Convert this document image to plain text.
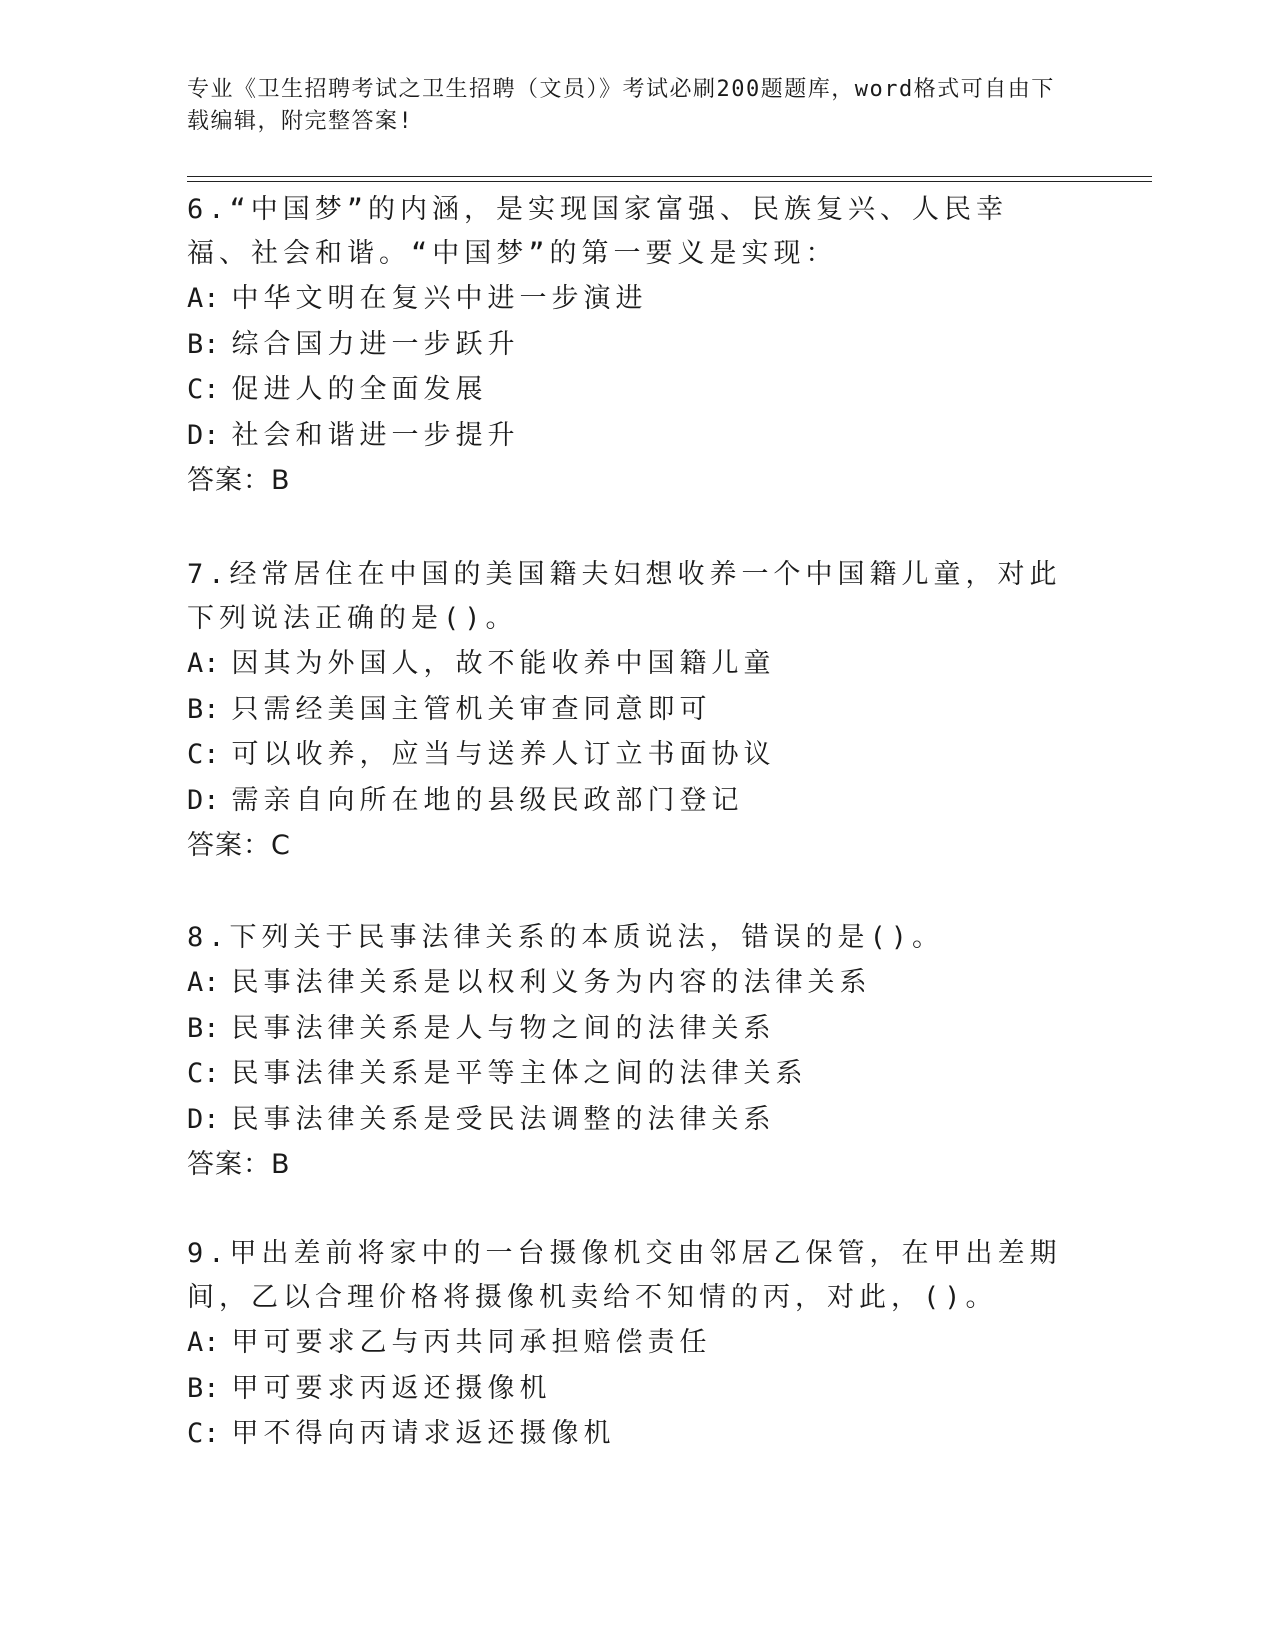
专业《卫生招聘考试之卫生招聘（文员）》考试必刷200题题库，word格式可自由下载编辑，附完整答案!
6.“中国梦”的内涵，是实现国家富强、民族复兴、人民幸福、社会和谐。“中国梦”的第一要义是实现：
A: 中华文明在复兴中进一步演进
B: 综合国力进一步跃升
C: 促进人的全面发展
D: 社会和谐进一步提升
答案：B
7.经常居住在中国的美国籍夫妇想收养一个中国籍儿童，对此下列说法正确的是()。
A: 因其为外国人，故不能收养中国籍儿童
B: 只需经美国主管机关审查同意即可
C: 可以收养，应当与送养人订立书面协议
D: 需亲自向所在地的县级民政部门登记
答案：C
8.下列关于民事法律关系的本质说法，错误的是()。
A: 民事法律关系是以权利义务为内容的法律关系
B: 民事法律关系是人与物之间的法律关系
C: 民事法律关系是平等主体之间的法律关系
D: 民事法律关系是受民法调整的法律关系
答案：B
9.甲出差前将家中的一台摄像机交由邻居乙保管，在甲出差期间，乙以合理价格将摄像机卖给不知情的丙，对此，()。
A: 甲可要求乙与丙共同承担赔偿责任
B: 甲可要求丙返还摄像机
C: 甲不得向丙请求返还摄像机
